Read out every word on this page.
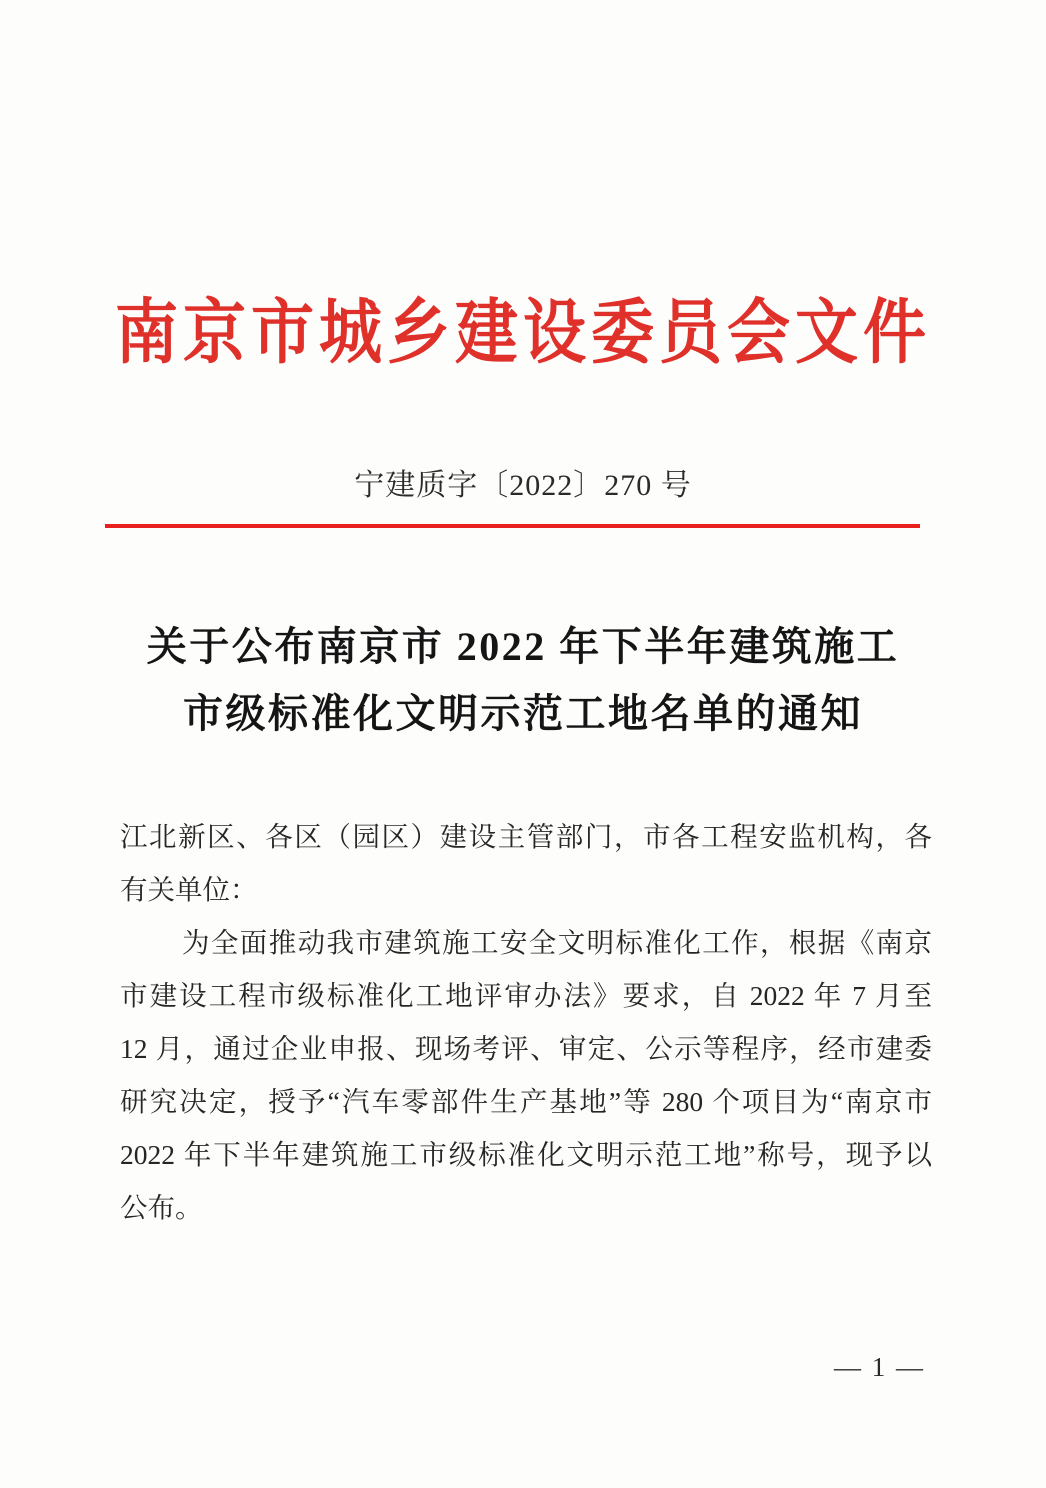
南京市城乡建设委员会文件
宁建质字〔2022〕270 号
关于公布南京市 2022 年下半年建筑施工
市级标准化文明示范工地名单的通知
江北新区、各区（园区）建设主管部门，市各工程安监机构，各
有关单位：
为全面推动我市建筑施工安全文明标准化工作，根据《南京
市建设工程市级标准化工地评审办法》要求，自 2022 年 7 月至
12 月，通过企业申报、现场考评、审定、公示等程序，经市建委
研究决定，授予“汽车零部件生产基地”等 280 个项目为“南京市
2022 年下半年建筑施工市级标准化文明示范工地”称号，现予以
公布。
— 1 —
